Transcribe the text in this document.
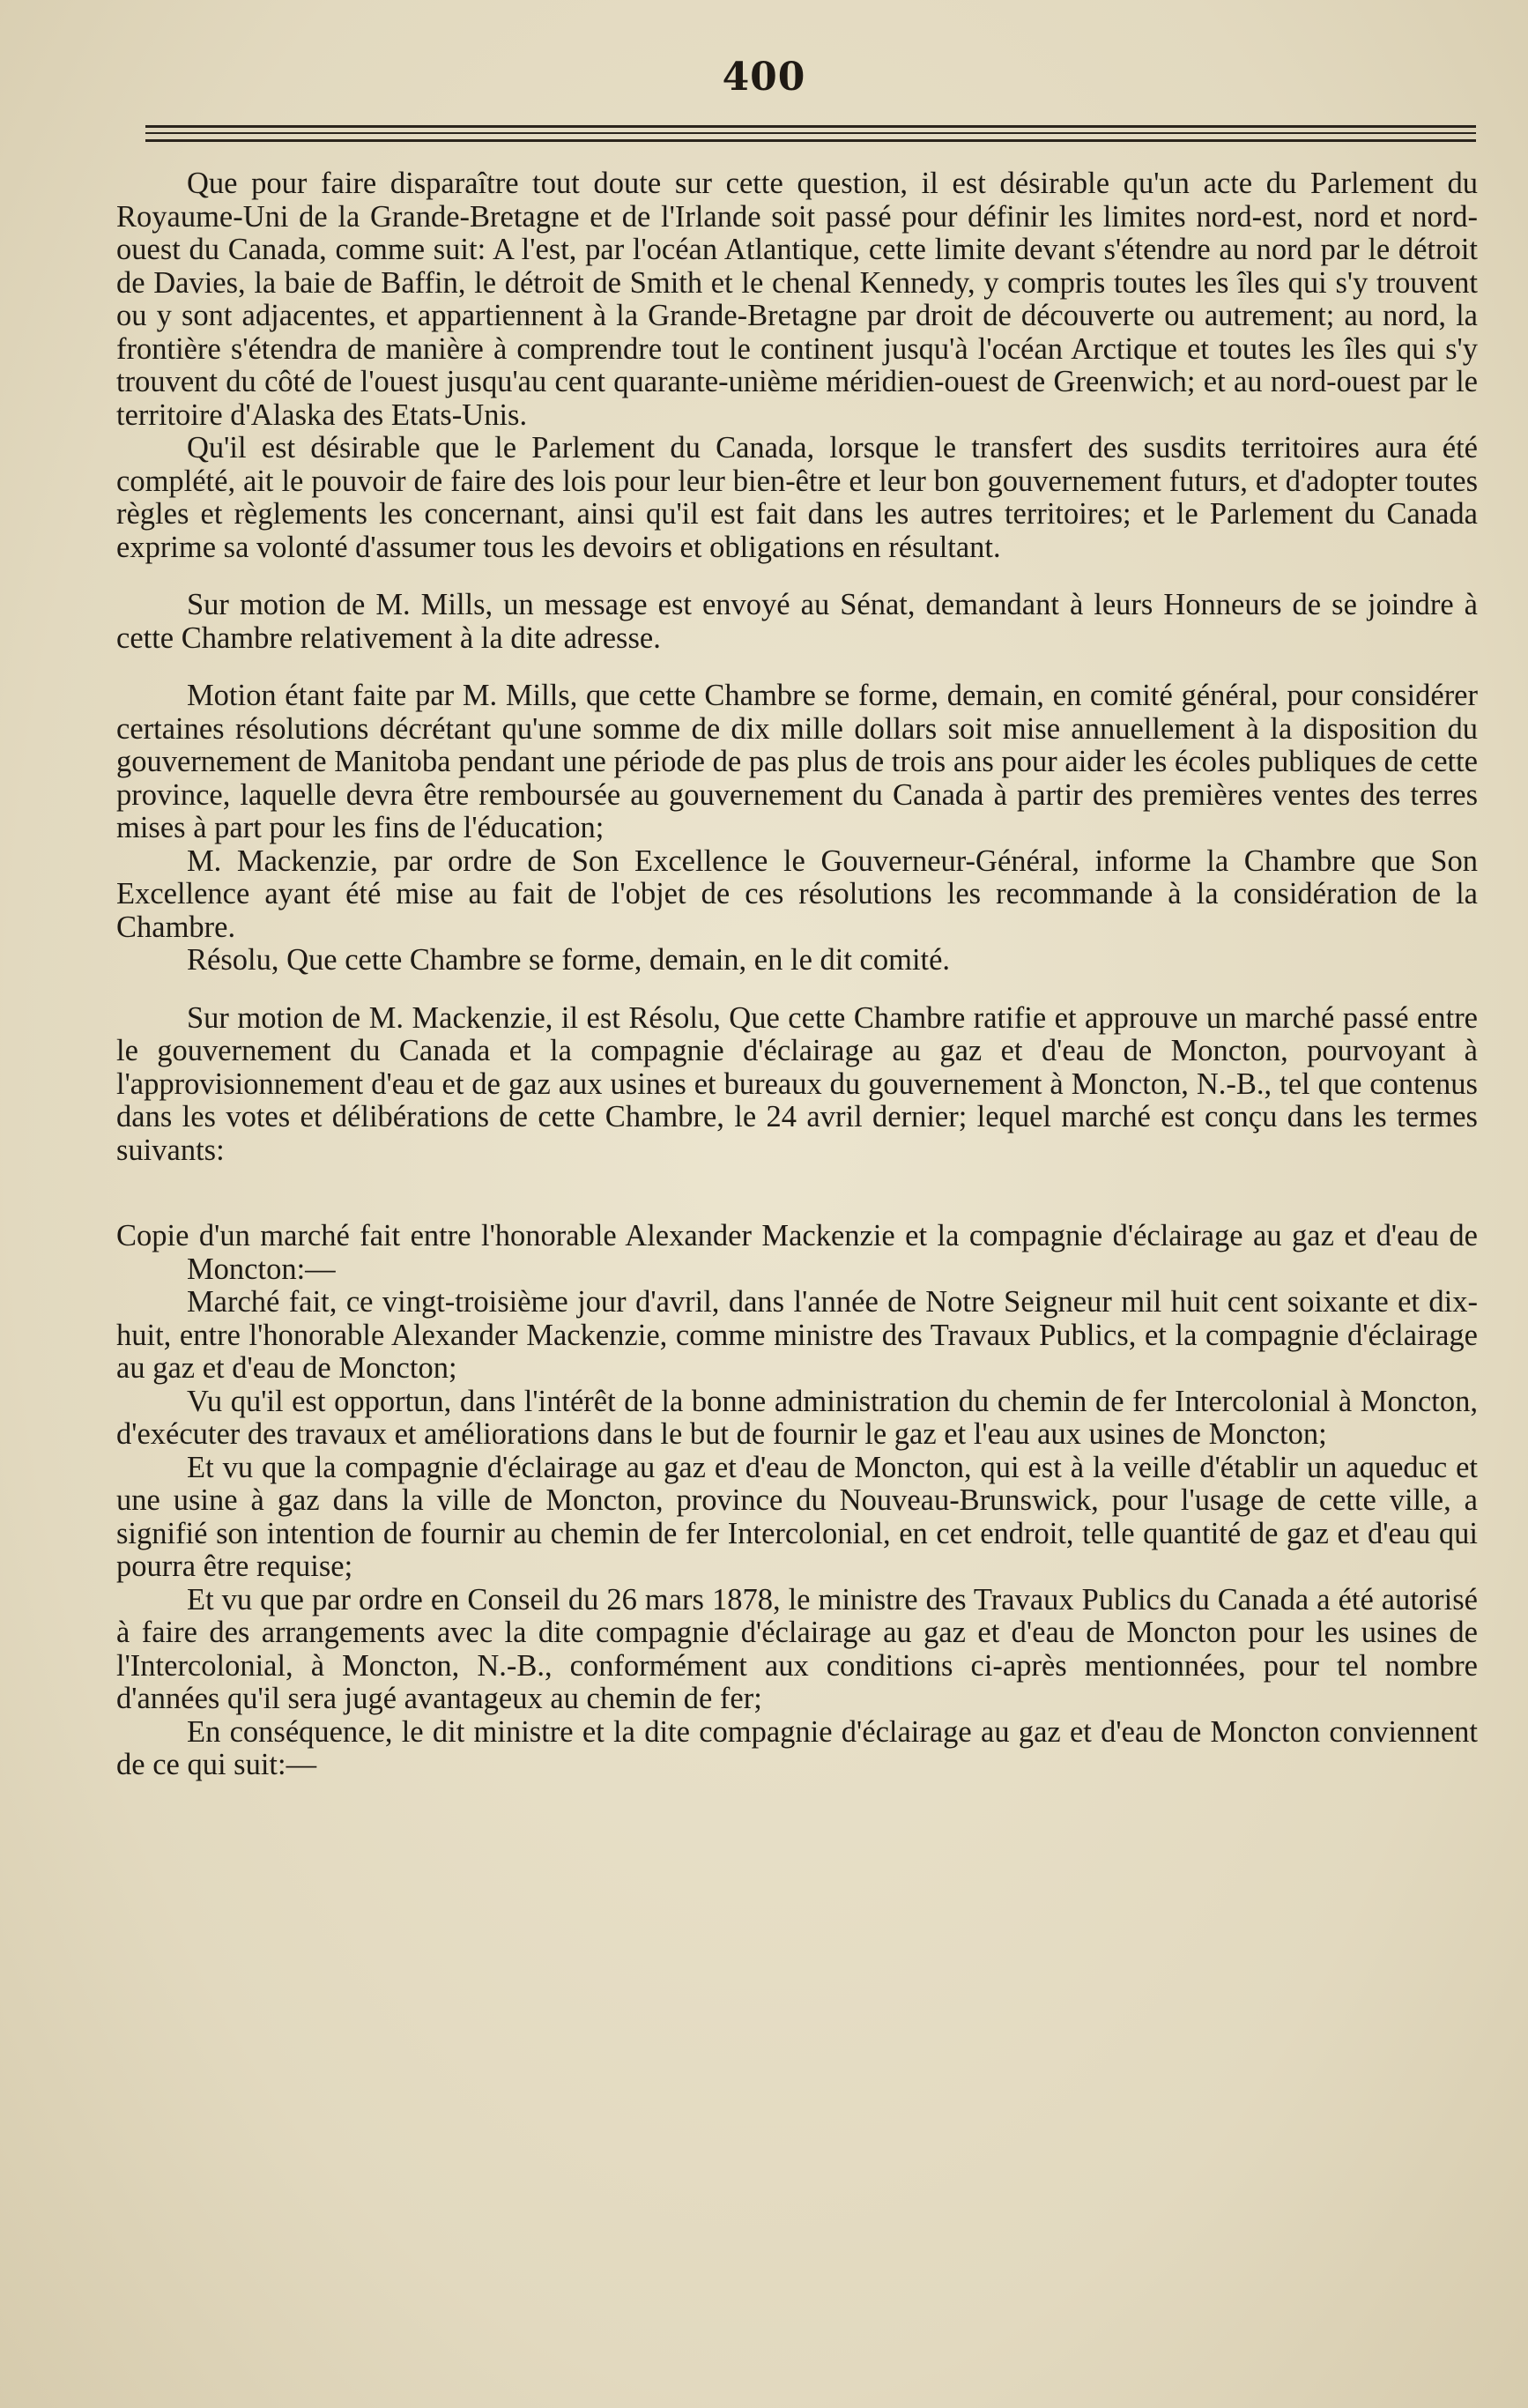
400

Que pour faire disparaître tout doute sur cette question, il est désirable qu'un acte du Parlement du Royaume-Uni de la Grande-Bretagne et de l'Irlande soit passé pour définir les limites nord-est, nord et nord-ouest du Canada, comme suit: A l'est, par l'océan Atlantique, cette limite devant s'étendre au nord par le détroit de Davies, la baie de Baffin, le détroit de Smith et le chenal Kennedy, y compris toutes les îles qui s'y trouvent ou y sont adjacentes, et appartiennent à la Grande-Bretagne par droit de découverte ou autrement; au nord, la frontière s'étendra de manière à comprendre tout le continent jusqu'à l'océan Arctique et toutes les îles qui s'y trouvent du côté de l'ouest jusqu'au cent quarante-unième méridien-ouest de Greenwich; et au nord-ouest par le territoire d'Alaska des Etats-Unis.

Qu'il est désirable que le Parlement du Canada, lorsque le transfert des susdits territoires aura été complété, ait le pouvoir de faire des lois pour leur bien-être et leur bon gouvernement futurs, et d'adopter toutes règles et règlements les concernant, ainsi qu'il est fait dans les autres territoires; et le Parlement du Canada exprime sa volonté d'assumer tous les devoirs et obligations en résultant.

Sur motion de M. Mills, un message est envoyé au Sénat, demandant à leurs Honneurs de se joindre à cette Chambre relativement à la dite adresse.

Motion étant faite par M. Mills, que cette Chambre se forme, demain, en comité général, pour considérer certaines résolutions décrétant qu'une somme de dix mille dollars soit mise annuellement à la disposition du gouvernement de Manitoba pendant une période de pas plus de trois ans pour aider les écoles publiques de cette province, laquelle devra être remboursée au gouvernement du Canada à partir des premières ventes des terres mises à part pour les fins de l'éducation;

M. Mackenzie, par ordre de Son Excellence le Gouverneur-Général, informe la Chambre que Son Excellence ayant été mise au fait de l'objet de ces résolutions les recommande à la considération de la Chambre.

Résolu, Que cette Chambre se forme, demain, en le dit comité.

Sur motion de M. Mackenzie, il est Résolu, Que cette Chambre ratifie et approuve un marché passé entre le gouvernement du Canada et la compagnie d'éclairage au gaz et d'eau de Moncton, pourvoyant à l'approvisionnement d'eau et de gaz aux usines et bureaux du gouvernement à Moncton, N.-B., tel que contenus dans les votes et délibérations de cette Chambre, le 24 avril dernier; lequel marché est conçu dans les termes suivants:

Copie d'un marché fait entre l'honorable Alexander Mackenzie et la compagnie d'éclairage au gaz et d'eau de Moncton:—

Marché fait, ce vingt-troisième jour d'avril, dans l'année de Notre Seigneur mil huit cent soixante et dix-huit, entre l'honorable Alexander Mackenzie, comme ministre des Travaux Publics, et la compagnie d'éclairage au gaz et d'eau de Moncton;

Vu qu'il est opportun, dans l'intérêt de la bonne administration du chemin de fer Intercolonial à Moncton, d'exécuter des travaux et améliorations dans le but de fournir le gaz et l'eau aux usines de Moncton;

Et vu que la compagnie d'éclairage au gaz et d'eau de Moncton, qui est à la veille d'établir un aqueduc et une usine à gaz dans la ville de Moncton, province du Nouveau-Brunswick, pour l'usage de cette ville, a signifié son intention de fournir au chemin de fer Intercolonial, en cet endroit, telle quantité de gaz et d'eau qui pourra être requise;

Et vu que par ordre en Conseil du 26 mars 1878, le ministre des Travaux Publics du Canada a été autorisé à faire des arrangements avec la dite compagnie d'éclairage au gaz et d'eau de Moncton pour les usines de l'Intercolonial, à Moncton, N.-B., conformément aux conditions ci-après mentionnées, pour tel nombre d'années qu'il sera jugé avantageux au chemin de fer;

En conséquence, le dit ministre et la dite compagnie d'éclairage au gaz et d'eau de Moncton conviennent de ce qui suit:—
